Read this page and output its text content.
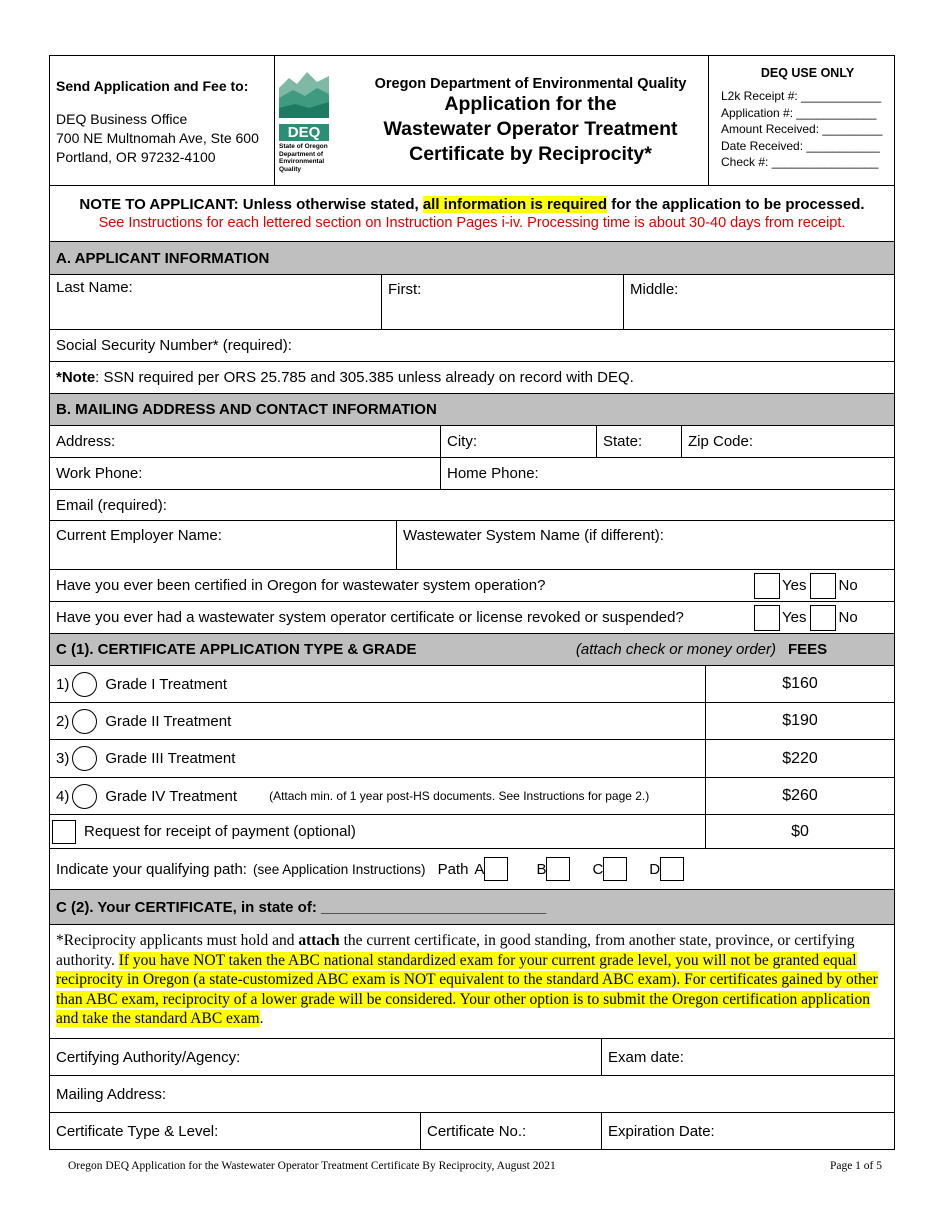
Send Application and Fee to:
DEQ Business Office
700 NE Multnomah Ave, Ste 600
Portland, OR 97232-4100
DEQ
State of Oregon
Department of
Environmental
Quality
Oregon Department of Environmental Quality
Application for the
Wastewater Operator Treatment
Certificate by Reciprocity*
DEQ USE ONLY
L2k Receipt #: ____________
Application #: ____________
Amount Received: _________
Date Received: ___________
Check #: ________________
NOTE TO APPLICANT: Unless otherwise stated, all information is required for the application to be processed.
See Instructions for each lettered section on Instruction Pages i-iv. Processing time is about 30-40 days from receipt.
A. APPLICANT INFORMATION
Last Name:	First:	Middle:
Social Security Number* (required):
*Note: SSN required per ORS 25.785 and 305.385 unless already on record with DEQ.
B. MAILING ADDRESS AND CONTACT INFORMATION
Address:	City:	State:	Zip Code:
Work Phone:	Home Phone:
Email (required):
Current Employer Name:	Wastewater System Name (if different):
Have you ever been certified in Oregon for wastewater system operation?	Yes No
Have you ever had a wastewater system operator certificate or license revoked or suspended?	Yes No
C (1). CERTIFICATE APPLICATION TYPE & GRADE	(attach check or money order) FEES
1) Grade I Treatment	$160
2) Grade II Treatment	$190
3) Grade III Treatment	$220
4) Grade IV Treatment	(Attach min. of 1 year post-HS documents. See Instructions for page 2.)	$260
Request for receipt of payment (optional)	$0
Indicate your qualifying path: (see Application Instructions) Path A	B	C	D
C (2). Your CERTIFICATE, in state of: ___________________________
*Reciprocity applicants must hold and attach the current certificate, in good standing, from another state, province, or certifying authority. If you have NOT taken the ABC national standardized exam for your current grade level, you will not be granted equal reciprocity in Oregon (a state-customized ABC exam is NOT equivalent to the standard ABC exam). For certificates gained by other than ABC exam, reciprocity of a lower grade will be considered. Your other option is to submit the Oregon certification application and take the standard ABC exam.
Certifying Authority/Agency:	Exam date:
Mailing Address:
Certificate Type & Level:	Certificate No.:	Expiration Date:
Oregon DEQ Application for the Wastewater Operator Treatment Certificate By Reciprocity, August 2021	Page 1 of 5
